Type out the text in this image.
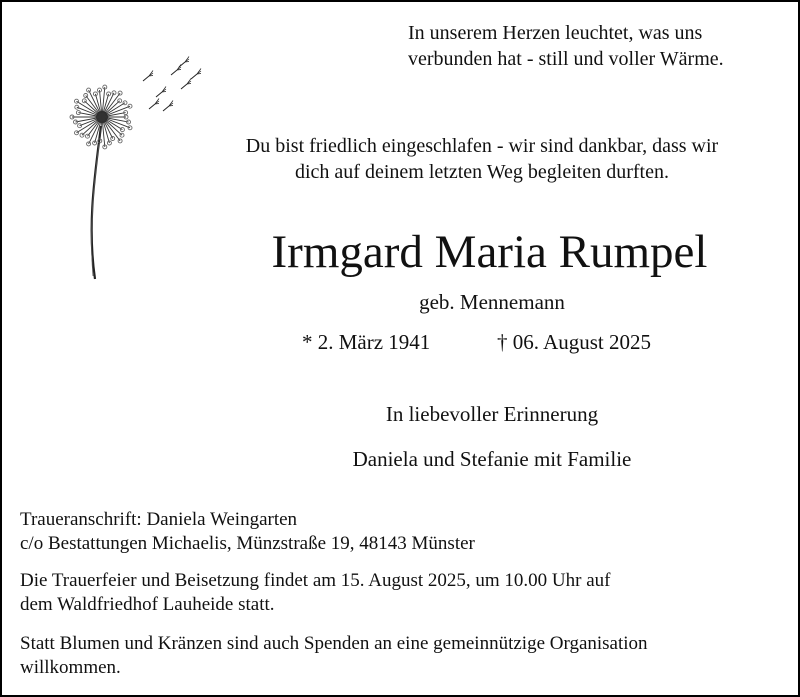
In unserem Herzen leuchtet, was uns
verbunden hat - still und voller Wärme.
Du bist friedlich eingeschlafen - wir sind dankbar, dass wir
dich auf deinem letzten Weg begleiten durften.
Irmgard Maria Rumpel
geb. Mennemann
* 2. März 1941	† 06. August 2025
In liebevoller Erinnerung
Daniela und Stefanie mit Familie
Traueranschrift: Daniela Weingarten
c/o Bestattungen Michaelis, Münzstraße 19, 48143 Münster
Die Trauerfeier und Beisetzung findet am 15. August 2025, um 10.00 Uhr auf
dem Waldfriedhof Lauheide statt.
Statt Blumen und Kränzen sind auch Spenden an eine gemeinnützige Organisation
willkommen.
